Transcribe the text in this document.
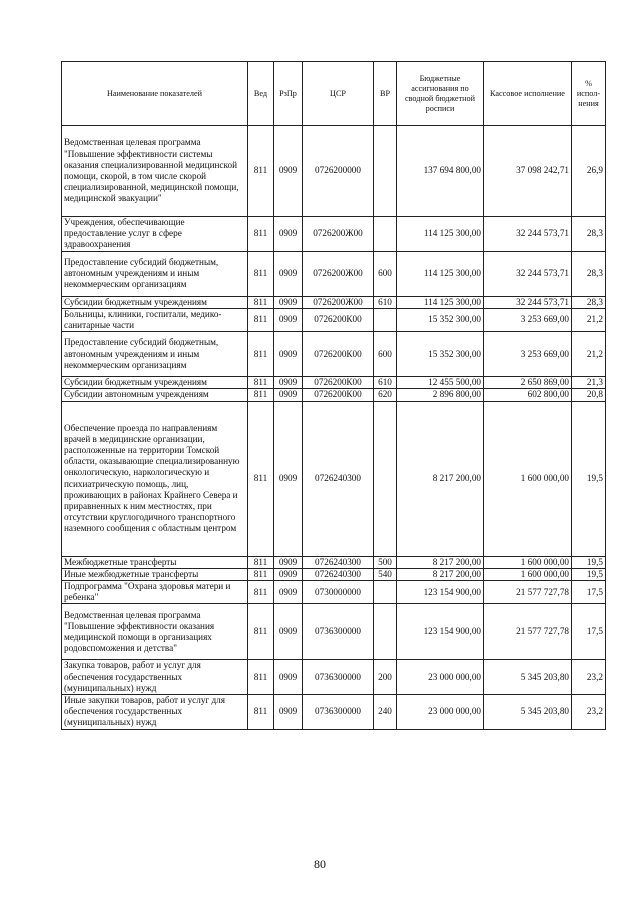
Наименование показателей	Вед	РзПр	ЦСР	ВР	Бюджетные ассигнования по сводной бюджетной росписи	Кассовое исполнение	% испол-нения
Ведомственная целевая программа "Повышение эффективности системы оказания специализированной медицинской помощи, скорой, в том числе скорой специализированной, медицинской помощи, медицинской эвакуации"	811	0909	0726200000		137 694 800,00	37 098 242,71	26,9
Учреждения, обеспечивающие предоставление услуг в сфере здравоохранения	811	0909	0726200Ж00		114 125 300,00	32 244 573,71	28,3
Предоставление субсидий бюджетным, автономным учреждениям и иным некоммерческим организациям	811	0909	0726200Ж00	600	114 125 300,00	32 244 573,71	28,3
Субсидии бюджетным учреждениям	811	0909	0726200Ж00	610	114 125 300,00	32 244 573,71	28,3
Больницы, клиники, госпитали, медико-санитарные части	811	0909	0726200К00		15 352 300,00	3 253 669,00	21,2
Предоставление субсидий бюджетным, автономным учреждениям и иным некоммерческим организациям	811	0909	0726200К00	600	15 352 300,00	3 253 669,00	21,2
Субсидии бюджетным учреждениям	811	0909	0726200К00	610	12 455 500,00	2 650 869,00	21,3
Субсидии автономным учреждениям	811	0909	0726200К00	620	2 896 800,00	602 800,00	20,8
Обеспечение проезда по направлениям врачей в медицинские организации, расположенные на территории Томской области, оказывающие специализированную онкологическую, наркологическую и психиатрическую помощь, лиц, проживающих в районах Крайнего Севера и приравненных к ним местностях, при отсутствии круглогодичного транспортного наземного сообщения с областным центром	811	0909	0726240300		8 217 200,00	1 600 000,00	19,5
Межбюджетные трансферты	811	0909	0726240300	500	8 217 200,00	1 600 000,00	19,5
Иные межбюджетные трансферты	811	0909	0726240300	540	8 217 200,00	1 600 000,00	19,5
Подпрограмма "Охрана здоровья матери и ребенка"	811	0909	0730000000		123 154 900,00	21 577 727,78	17,5
Ведомственная целевая программа "Повышение эффективности оказания медицинской помощи в организациях родовспоможения и детства"	811	0909	0736300000		123 154 900,00	21 577 727,78	17,5
Закупка товаров, работ и услуг для обеспечения государственных (муниципальных) нужд	811	0909	0736300000	200	23 000 000,00	5 345 203,80	23,2
Иные закупки товаров, работ и услуг для обеспечения государственных (муниципальных) нужд	811	0909	0736300000	240	23 000 000,00	5 345 203,80	23,2
80
